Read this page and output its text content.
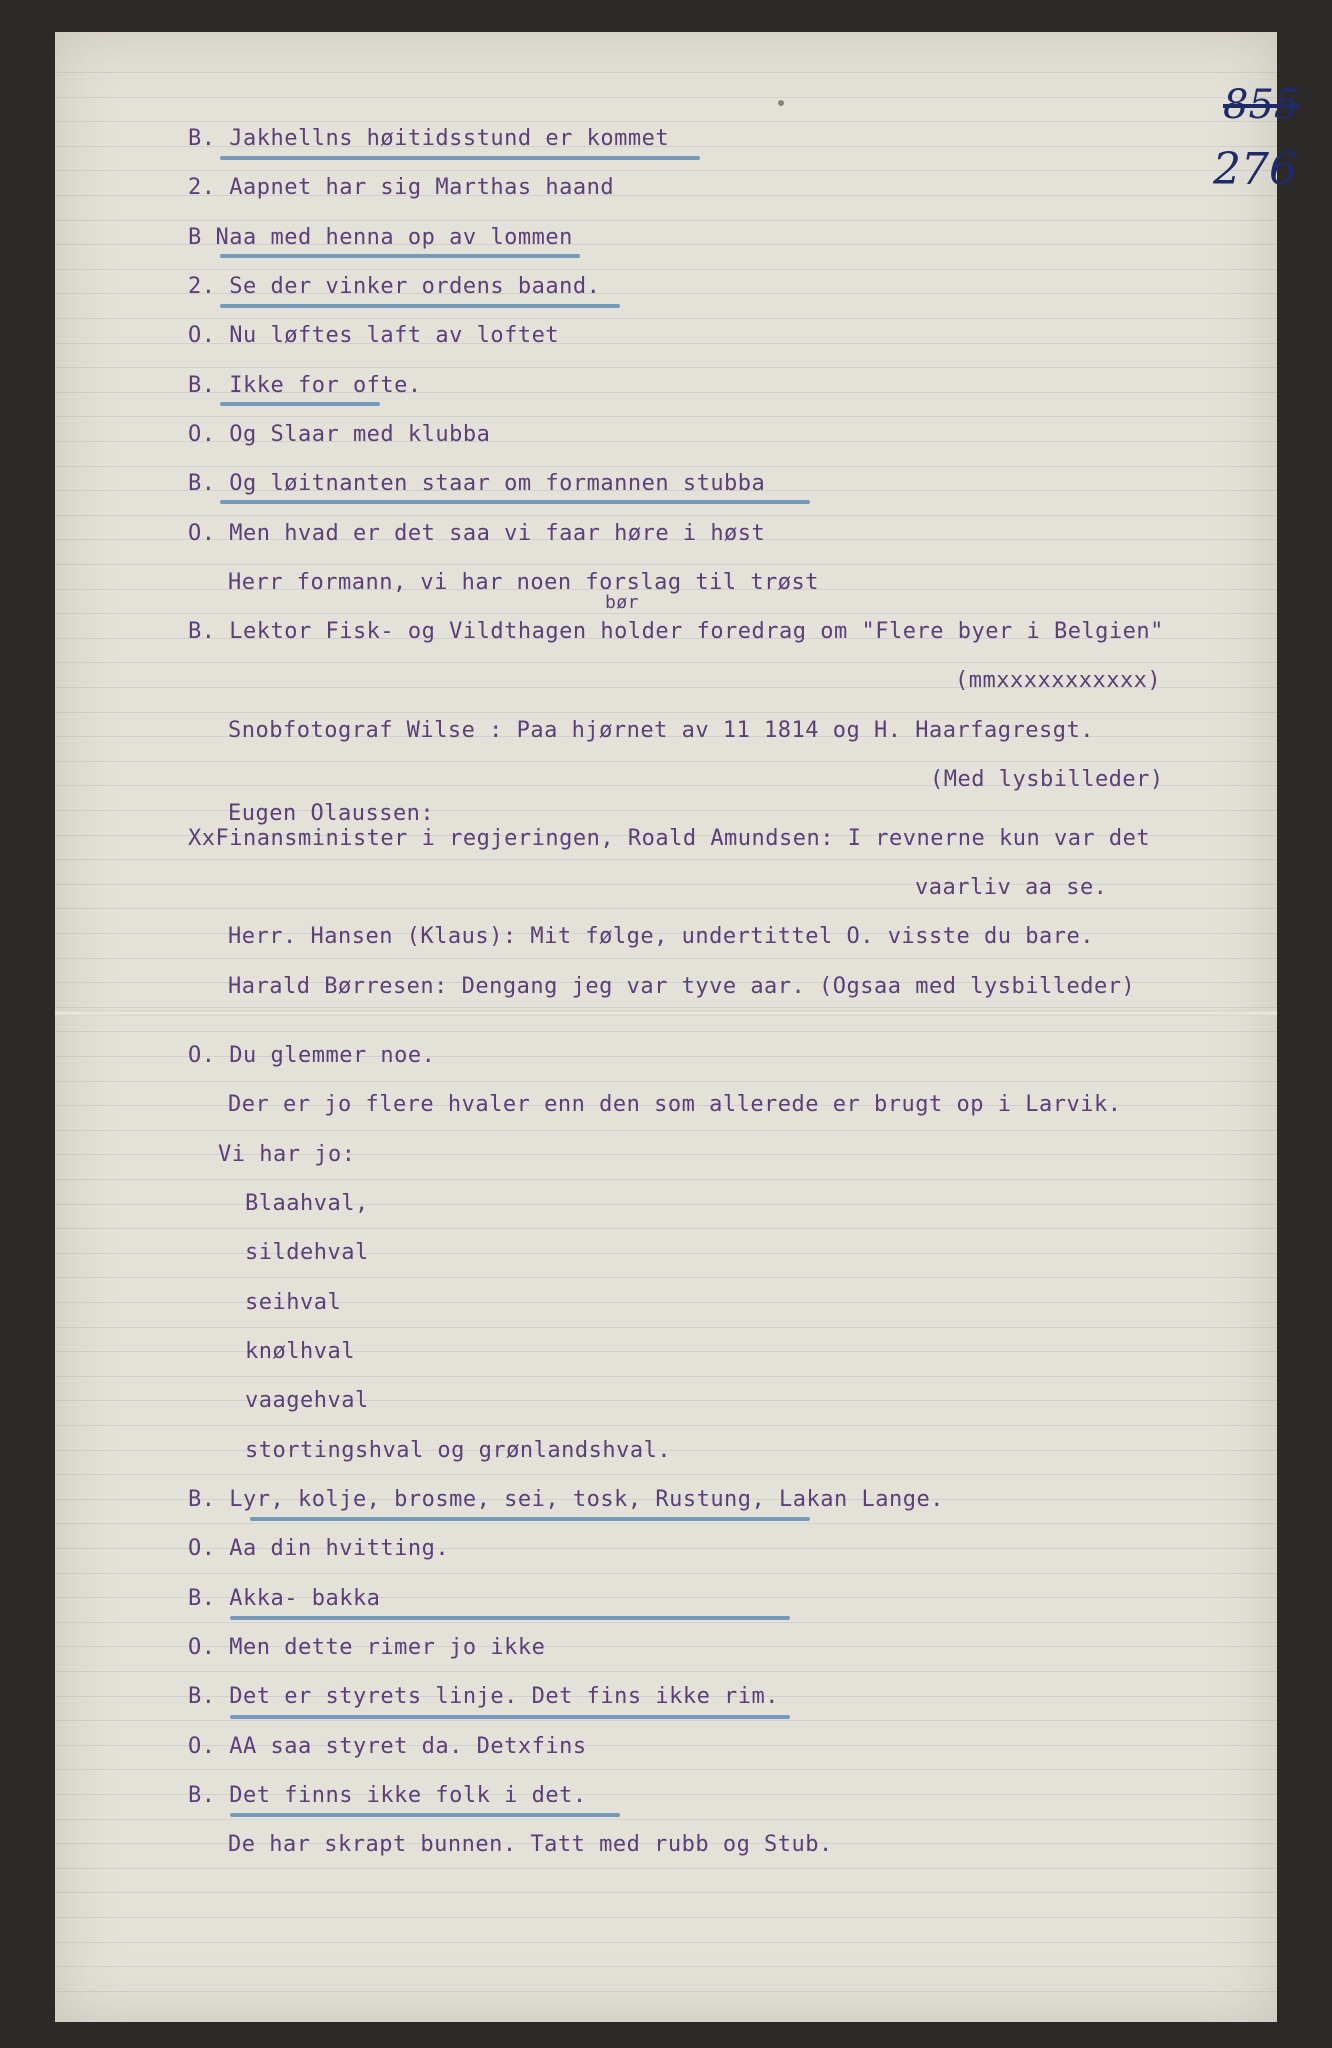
855
276
B. Jakhellns høitidsstund er kommet
2. Aapnet har sig Marthas haand
B Naa med henna op av lommen
2. Se der vinker ordens baand.
O. Nu løftes laft av loftet
B. Ikke for ofte.
O. Og Slaar med klubba
B. Og løitnanten staar om formannen stubba
O. Men hvad er det saa vi faar høre i høst
Herr formann, vi har noen forslag til trøst
bør
B. Lektor Fisk- og Vildthagen holder foredrag om "Flere byer i Belgien"
(mmxxxxxxxxxxx)
Snobfotograf Wilse : Paa hjørnet av 11 1814 og H. Haarfagresgt.
(Med lysbilleder)
Eugen Olaussen:
XxFinansminister i regjeringen, Roald Amundsen: I revnerne kun var det
vaarliv aa se.
Herr. Hansen (Klaus): Mit følge, undertittel O. visste du bare.
Harald Børresen: Dengang jeg var tyve aar. (Ogsaa med lysbilleder)
O. Du glemmer noe.
Der er jo flere hvaler enn den som allerede er brugt op i Larvik.
Vi har jo:
Blaahval,
sildehval
seihval
knølhval
vaagehval
stortingshval og grønlandshval.
B. Lyr, kolje, brosme, sei, tosk, Rustung, Lakan Lange.
O. Aa din hvitting.
B. Akka- bakka
O. Men dette rimer jo ikke
B. Det er styrets linje. Det fins ikke rim.
O. AA saa styret da. Detxfins
B. Det finns ikke folk i det.
De har skrapt bunnen. Tatt med rubb og Stub.
